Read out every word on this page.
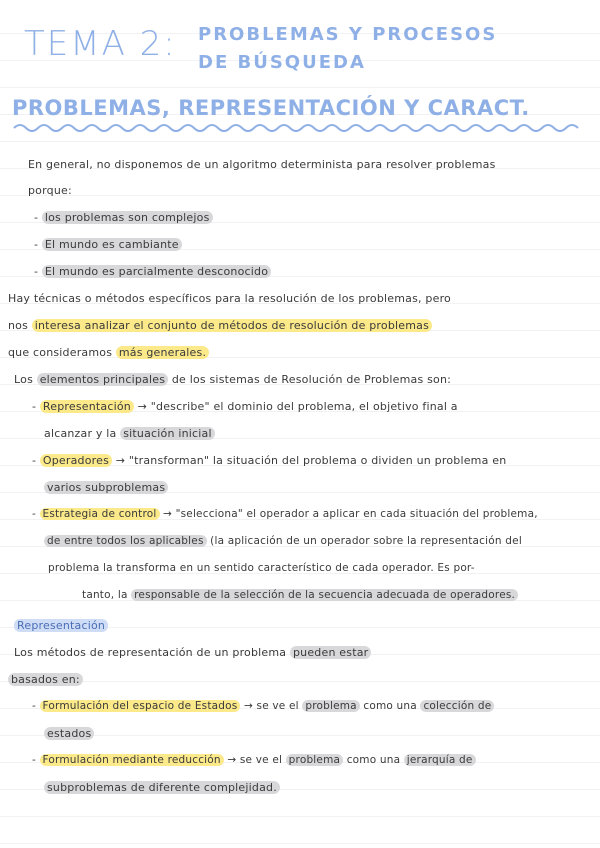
TEMA 2: PROBLEMAS Y PROCESOS
DE BÚSQUEDA
PROBLEMAS, REPRESENTACIÓN Y CARACT.
En general, no disponemos de un algoritmo determinista para resolver problemas
porque:
- los problemas son complejos
- El mundo es cambiante
- El mundo es parcialmente desconocido
Hay técnicas o métodos específicos para la resolución de los problemas, pero
nos interesa analizar el conjunto de métodos de resolución de problemas
que consideramos más generales.
Los elementos principales de los sistemas de Resolución de Problemas son:
- Representación → "describe" el dominio del problema, el objetivo final a
alcanzar y la situación inicial
- Operadores → "transforman" la situación del problema o dividen un problema en
varios subproblemas
- Estrategia de control → "selecciona" el operador a aplicar en cada situación del problema,
de entre todos los aplicables (la aplicación de un operador sobre la representación del
problema la transforma en un sentido característico de cada operador. Es por-
tanto, la responsable de la selección de la secuencia adecuada de operadores.
Representación
Los métodos de representación de un problema pueden estar
basados en:
- Formulación del espacio de Estados → se ve el problema como una colección de
estados
- Formulación mediante reducción → se ve el problema como una jerarquía de
subproblemas de diferente complejidad.
